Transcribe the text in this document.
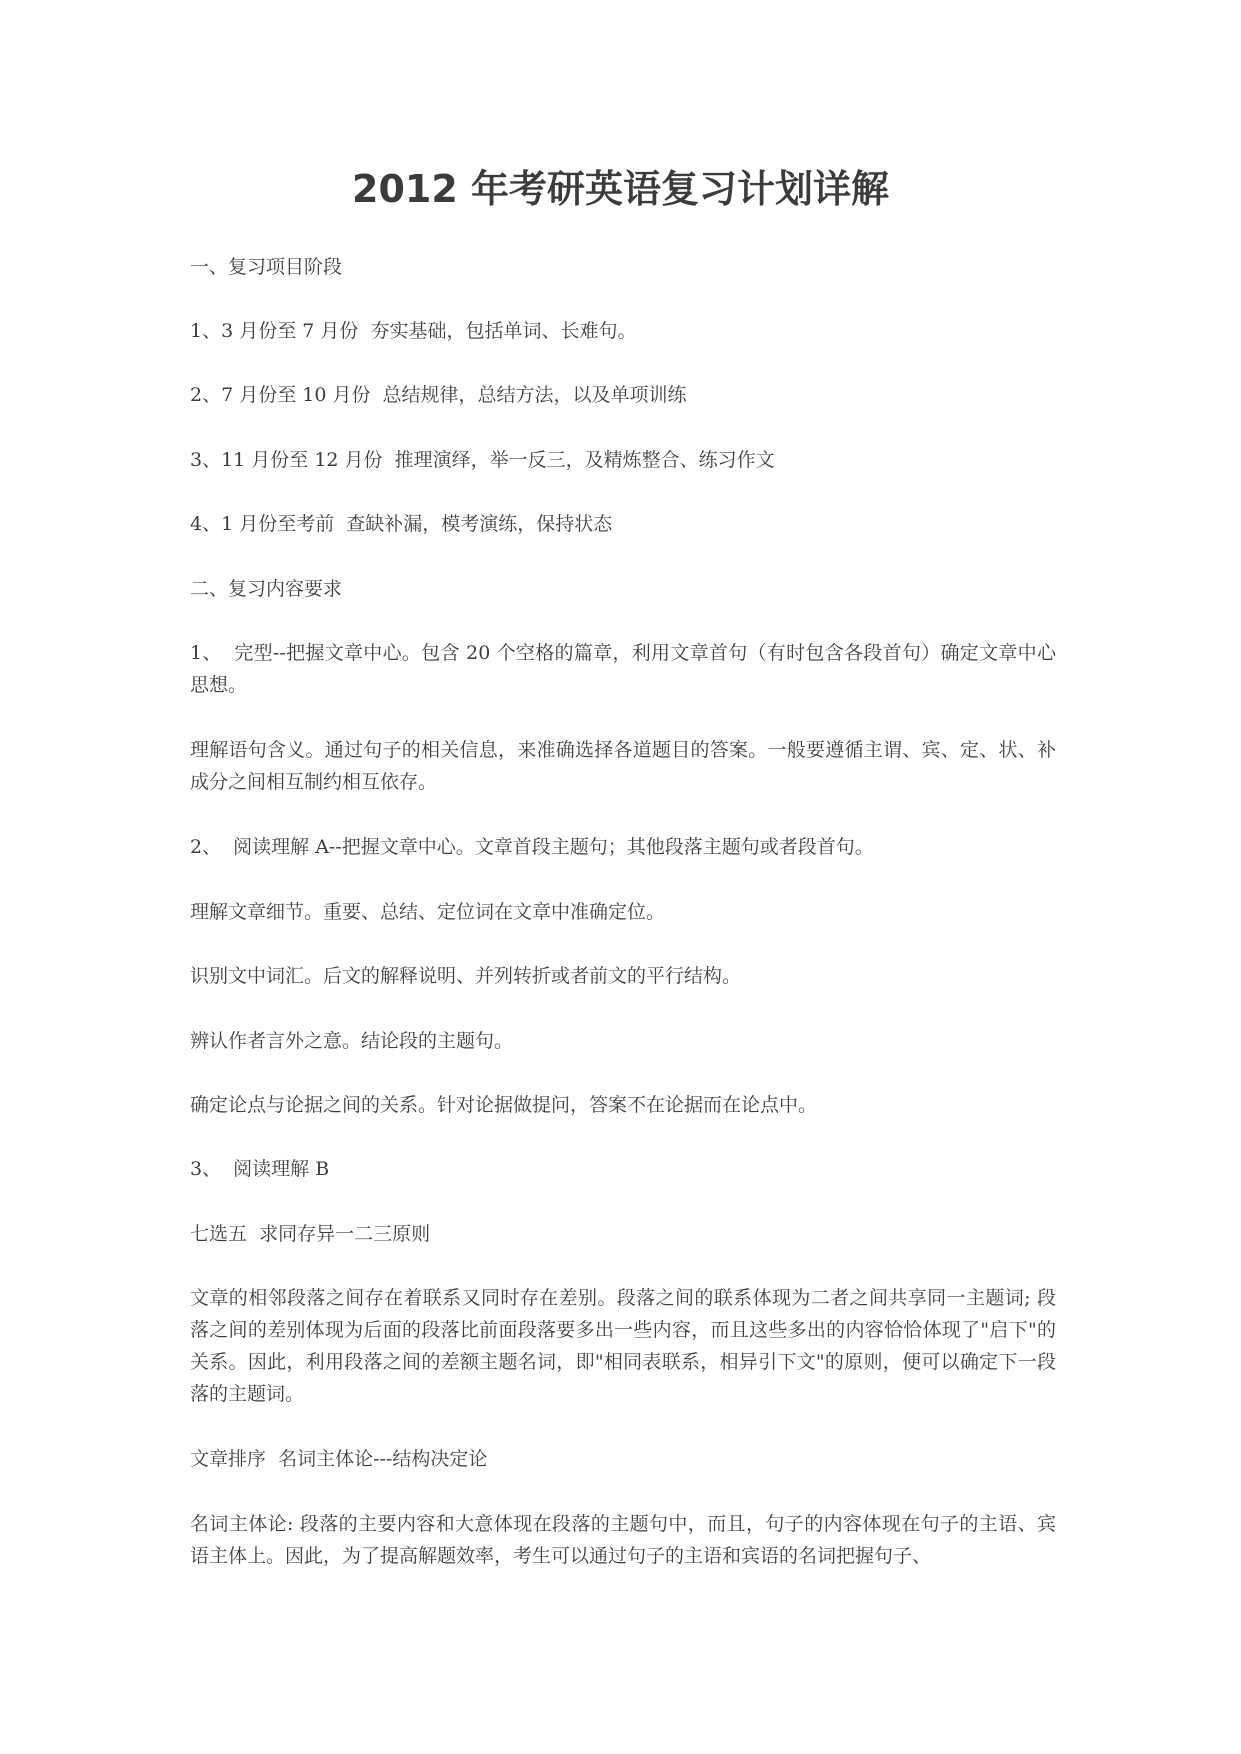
2012 年考研英语复习计划详解

一、复习项目阶段

1、3 月份至 7 月份  夯实基础，包括单词、长难句。

2、7 月份至 10 月份  总结规律，总结方法，以及单项训练

3、11 月份至 12 月份  推理演绎，举一反三，及精炼整合、练习作文

4、1 月份至考前  查缺补漏，模考演练，保持状态

二、复习内容要求

1、  完型--把握文章中心。包含 20 个空格的篇章，利用文章首句（有时包含各段首句）确定文章中心思想。

理解语句含义。通过句子的相关信息，来准确选择各道题目的答案。一般要遵循主谓、宾、定、状、补成分之间相互制约相互依存。

2、  阅读理解 A--把握文章中心。文章首段主题句；其他段落主题句或者段首句。

理解文章细节。重要、总结、定位词在文章中准确定位。

识别文中词汇。后文的解释说明、并列转折或者前文的平行结构。

辨认作者言外之意。结论段的主题句。

确定论点与论据之间的关系。针对论据做提问，答案不在论据而在论点中。

3、  阅读理解 B

七选五  求同存异一二三原则

文章的相邻段落之间存在着联系又同时存在差别。段落之间的联系体现为二者之间共享同一主题词; 段落之间的差别体现为后面的段落比前面段落要多出一些内容，而且这些多出的内容恰恰体现了"启下"的关系。因此，利用段落之间的差额主题名词，即"相同表联系，相异引下文"的原则，便可以确定下一段落的主题词。

文章排序  名词主体论---结构决定论

名词主体论: 段落的主要内容和大意体现在段落的主题句中，而且，句子的内容体现在句子的主语、宾语主体上。因此，为了提高解题效率，考生可以通过句子的主语和宾语的名词把握句子、
